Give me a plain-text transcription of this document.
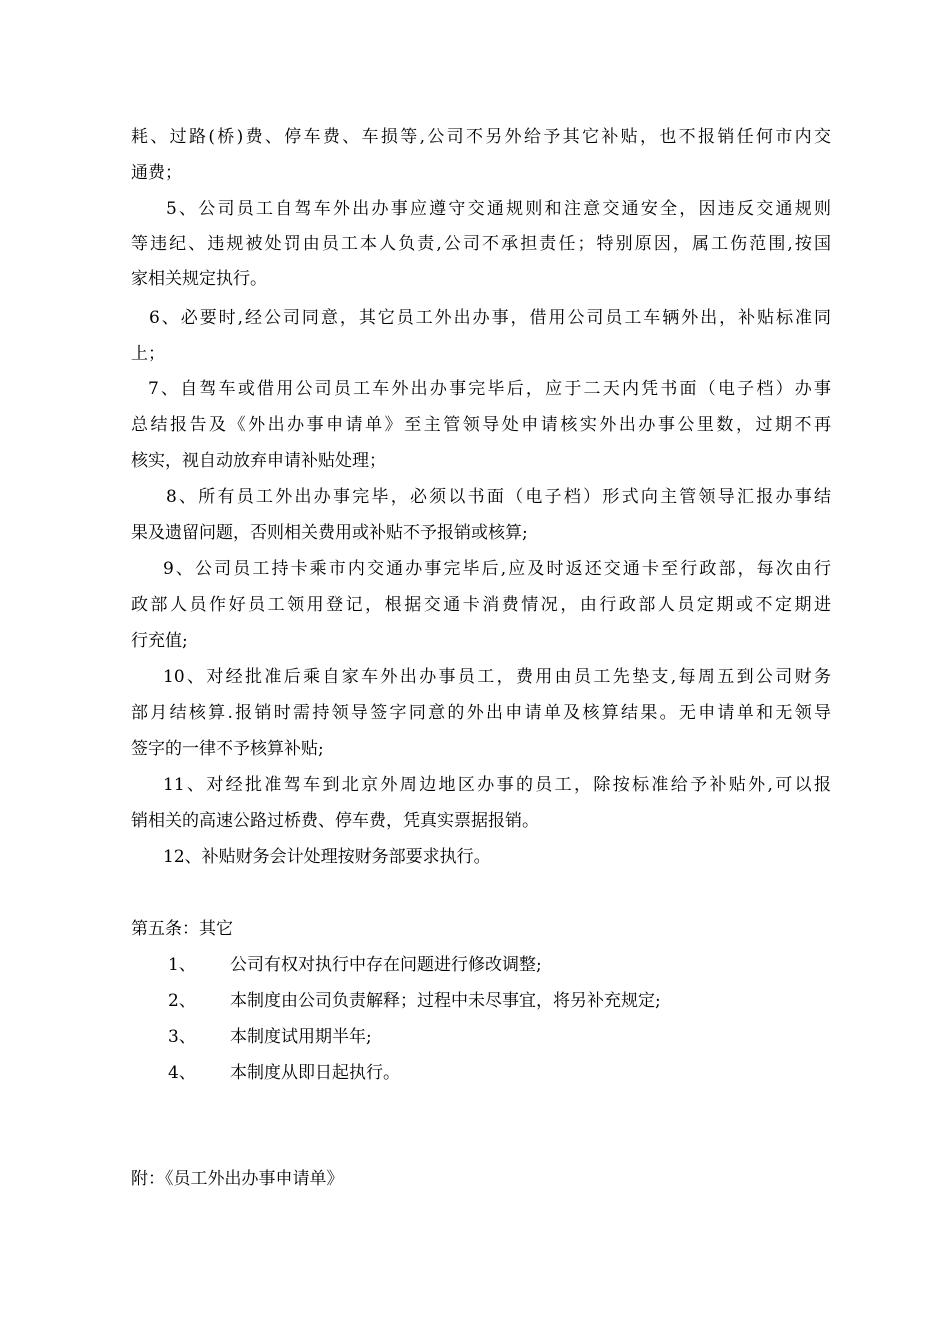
耗、过路(桥)费、停车费、车损等,公司不另外给予其它补贴，也不报销任何市内交
通费；
5、公司员工自驾车外出办事应遵守交通规则和注意交通安全，因违反交通规则
等违纪、违规被处罚由员工本人负责,公司不承担责任；特别原因，属工伤范围,按国
家相关规定执行。
6、必要时,经公司同意，其它员工外出办事，借用公司员工车辆外出，补贴标准同
上；
7、自驾车或借用公司员工车外出办事完毕后，应于二天内凭书面（电子档）办事
总结报告及《外出办事申请单》至主管领导处申请核实外出办事公里数，过期不再
核实，视自动放弃申请补贴处理；
8、所有员工外出办事完毕，必须以书面（电子档）形式向主管领导汇报办事结
果及遗留问题，否则相关费用或补贴不予报销或核算;
9、公司员工持卡乘市内交通办事完毕后,应及时返还交通卡至行政部，每次由行
政部人员作好员工领用登记，根据交通卡消费情况，由行政部人员定期或不定期进
行充值;
10、对经批准后乘自家车外出办事员工，费用由员工先垫支,每周五到公司财务
部月结核算.报销时需持领导签字同意的外出申请单及核算结果。无申请单和无领导
签字的一律不予核算补贴;
11、对经批准驾车到北京外周边地区办事的员工，除按标准给予补贴外,可以报
销相关的高速公路过桥费、停车费，凭真实票据报销。
12、补贴财务会计处理按财务部要求执行。
第五条：其它
1、 公司有权对执行中存在问题进行修改调整;
2、 本制度由公司负责解释；过程中未尽事宜，将另补充规定;
3、 本制度试用期半年;
4、 本制度从即日起执行。
附：《员工外出办事申请单》
